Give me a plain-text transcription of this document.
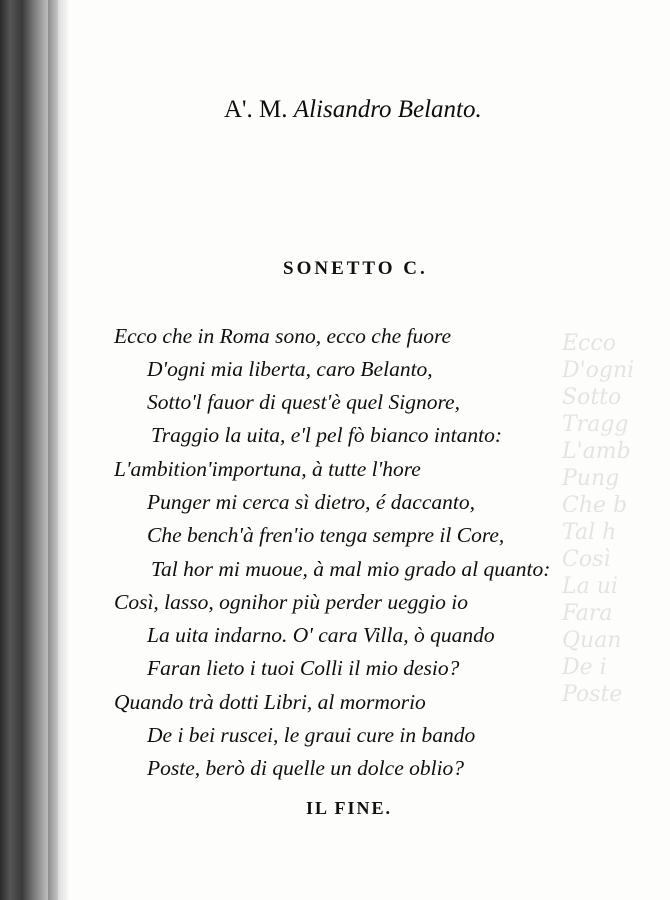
Ecco
D'ogni
Sotto
Tragg
L'amb
Pung
Che b
Tal h
Così
La ui
Fara
Quan
De i
Poste
A'. M. Alisandro Belanto.
SONETTO C.
Ecco che in Roma sono, ecco che fuore
D'ogni mia liberta, caro Belanto,
Sotto'l fauor di quest'è quel Signore,
Traggio la uita, e'l pel fò bianco intanto:
L'ambition'importuna, à tutte l'hore
Punger mi cerca sì dietro, é daccanto,
Che bench'à fren'io tenga sempre il Core,
Tal hor mi muoue, à mal mio grado al quanto:
Così, lasso, ognihor più perder ueggio io
La uita indarno. O' cara Villa, ò quando
Faran lieto i tuoi Colli il mio desio?
Quando trà dotti Libri, al mormorio
De i bei ruscei, le graui cure in bando
Poste, berò di quelle un dolce oblio?
IL FINE.
